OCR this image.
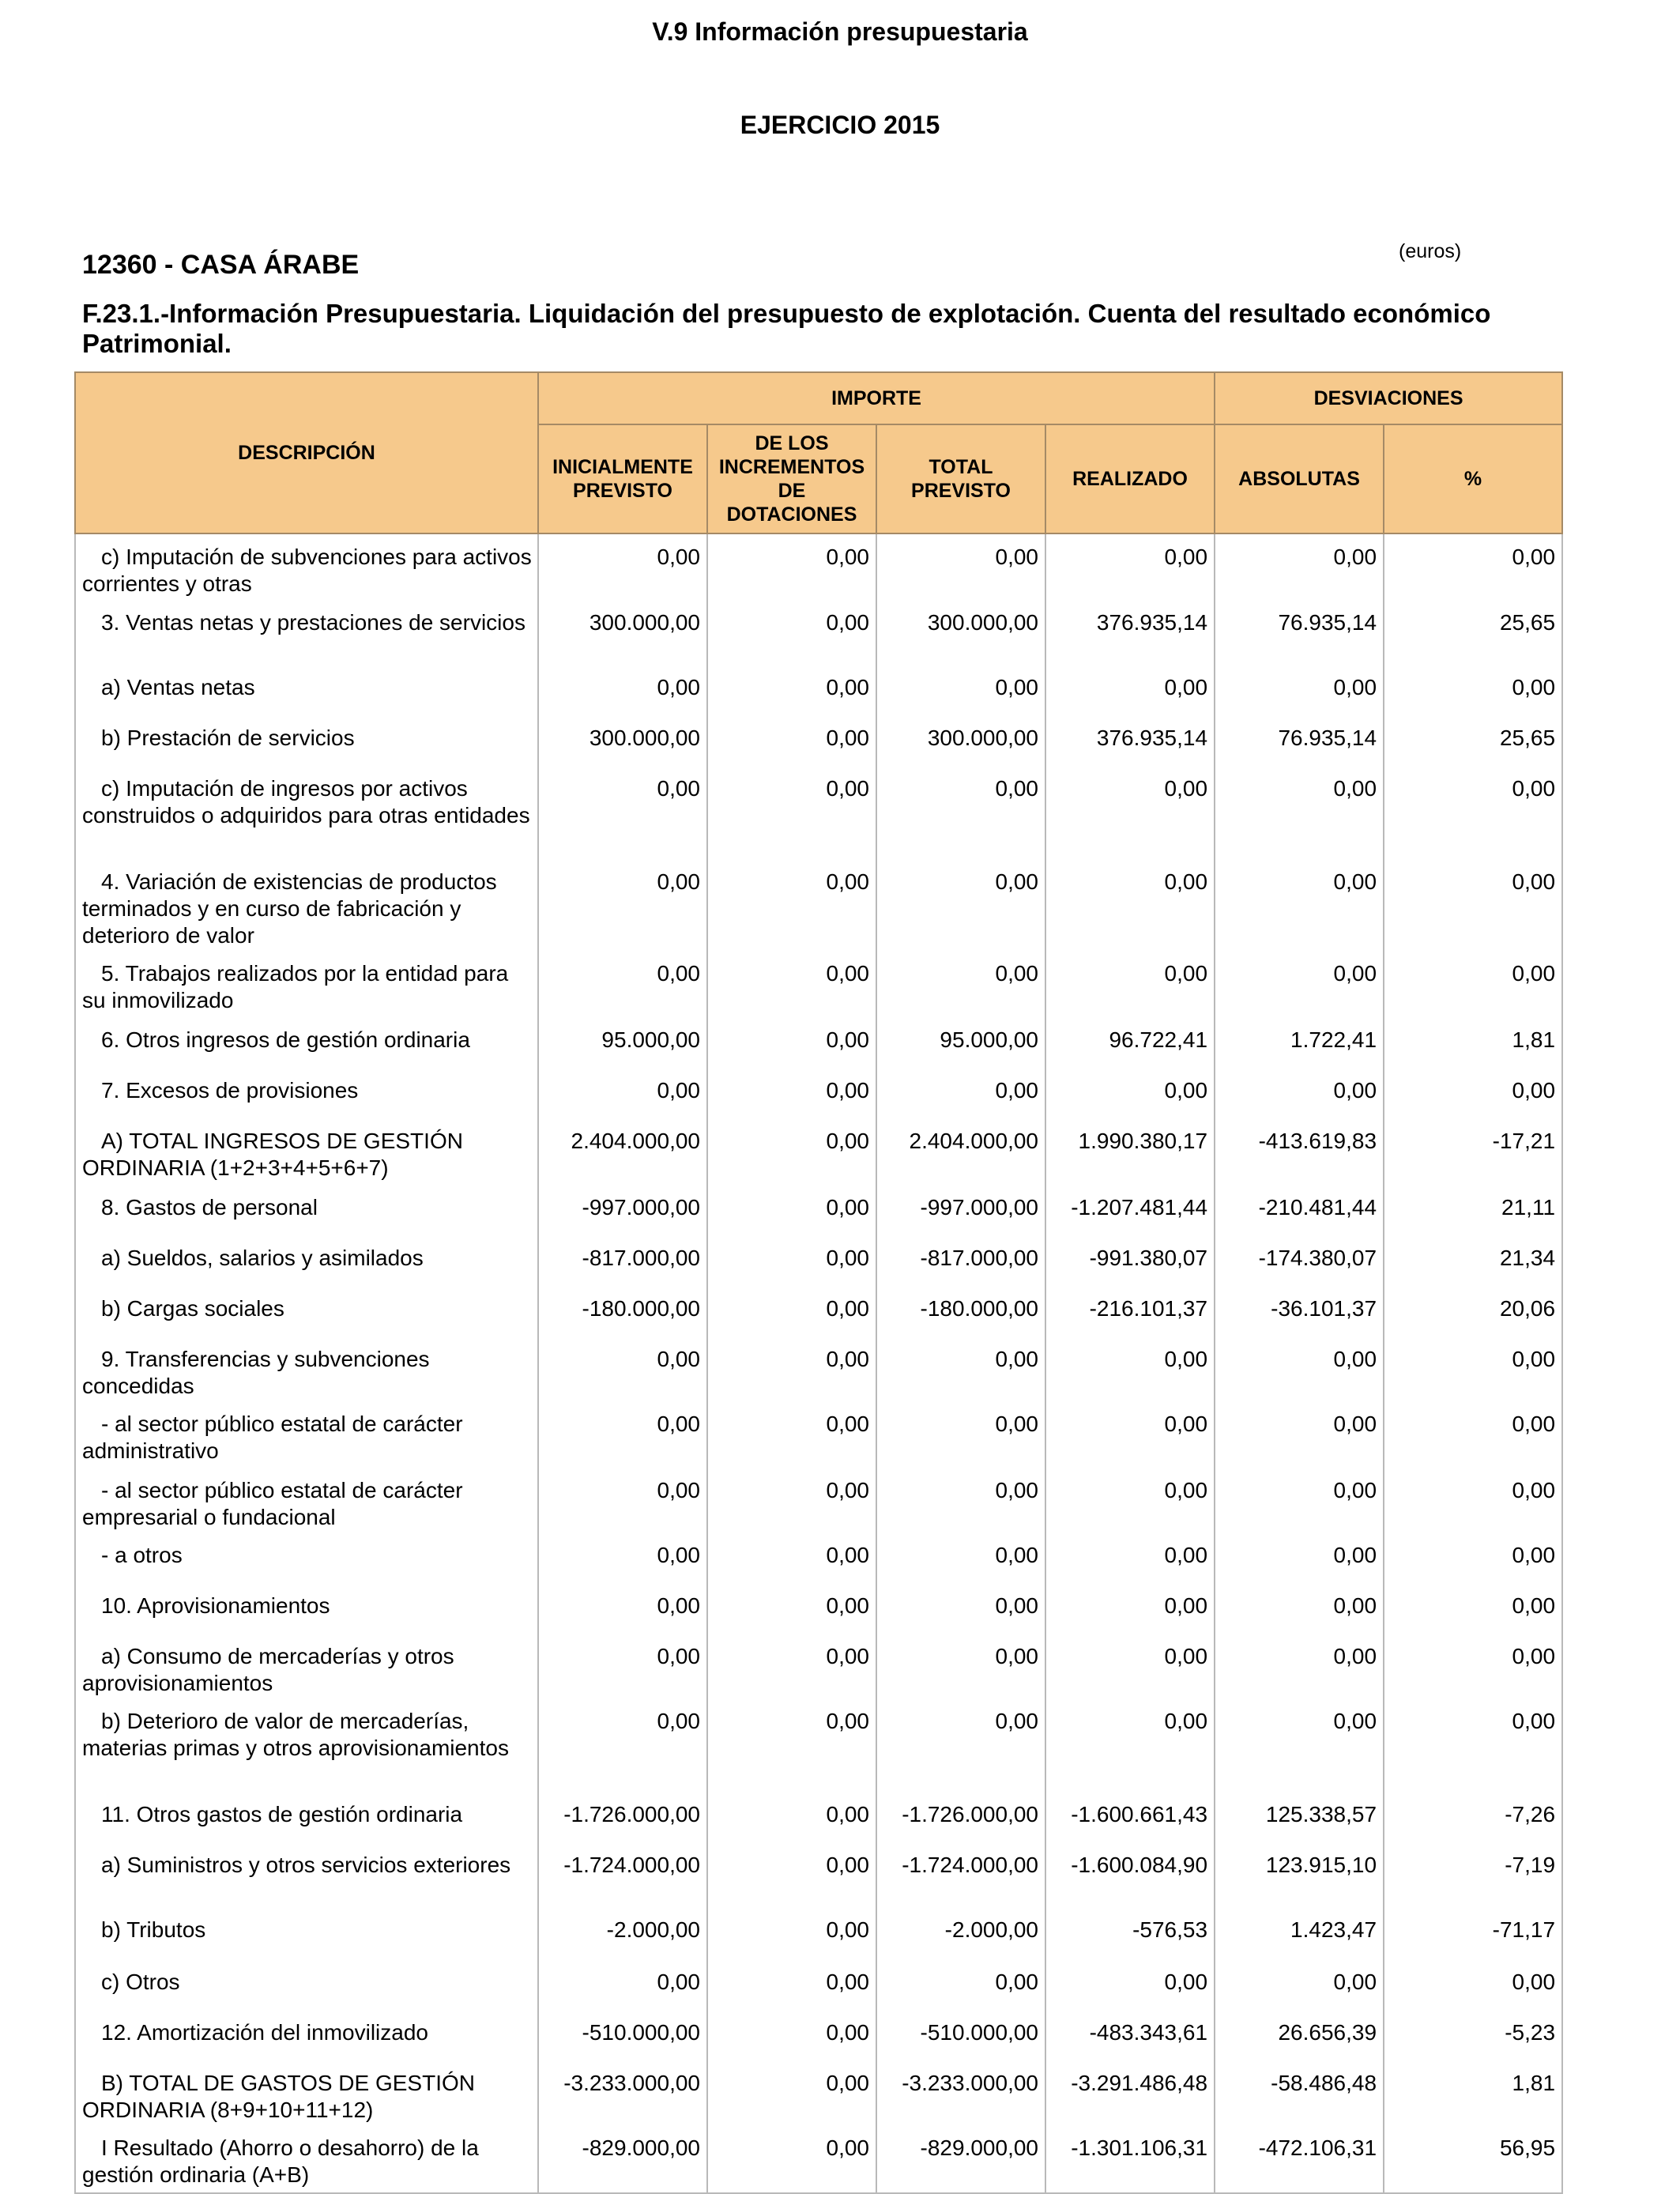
V.9 Información presupuestaria
EJERCICIO 2015
12360 - CASA ÁRABE	(euros)
F.23.1.-Información Presupuestaria. Liquidación del presupuesto de explotación. Cuenta del resultado económico Patrimonial.
DESCRIPCIÓN	IMPORTE				DESVIACIONES	
	INICIALMENTE PREVISTO	DE LOS INCREMENTOS DE DOTACIONES	TOTAL PREVISTO	REALIZADO	ABSOLUTAS	%
c) Imputación de subvenciones para activos corrientes y otras	0,00	0,00	0,00	0,00	0,00	0,00
3. Ventas netas y prestaciones de servicios	300.000,00	0,00	300.000,00	376.935,14	76.935,14	25,65
a) Ventas netas	0,00	0,00	0,00	0,00	0,00	0,00
b) Prestación de servicios	300.000,00	0,00	300.000,00	376.935,14	76.935,14	25,65
c) Imputación de ingresos por activos construidos o adquiridos para otras entidades	0,00	0,00	0,00	0,00	0,00	0,00
4. Variación de existencias de productos terminados y en curso de fabricación y deterioro de valor	0,00	0,00	0,00	0,00	0,00	0,00
5. Trabajos realizados por la entidad para su inmovilizado	0,00	0,00	0,00	0,00	0,00	0,00
6. Otros ingresos de gestión ordinaria	95.000,00	0,00	95.000,00	96.722,41	1.722,41	1,81
7. Excesos de provisiones	0,00	0,00	0,00	0,00	0,00	0,00
A) TOTAL INGRESOS DE GESTIÓN ORDINARIA (1+2+3+4+5+6+7)	2.404.000,00	0,00	2.404.000,00	1.990.380,17	-413.619,83	-17,21
8. Gastos de personal	-997.000,00	0,00	-997.000,00	-1.207.481,44	-210.481,44	21,11
a) Sueldos, salarios y asimilados	-817.000,00	0,00	-817.000,00	-991.380,07	-174.380,07	21,34
b) Cargas sociales	-180.000,00	0,00	-180.000,00	-216.101,37	-36.101,37	20,06
9. Transferencias y subvenciones concedidas	0,00	0,00	0,00	0,00	0,00	0,00
- al sector público estatal de carácter administrativo	0,00	0,00	0,00	0,00	0,00	0,00
- al sector público estatal de carácter empresarial o fundacional	0,00	0,00	0,00	0,00	0,00	0,00
- a otros	0,00	0,00	0,00	0,00	0,00	0,00
10. Aprovisionamientos	0,00	0,00	0,00	0,00	0,00	0,00
a) Consumo de mercaderías y otros aprovisionamientos	0,00	0,00	0,00	0,00	0,00	0,00
b) Deterioro de valor de mercaderías, materias primas y otros aprovisionamientos	0,00	0,00	0,00	0,00	0,00	0,00
11. Otros gastos de gestión ordinaria	-1.726.000,00	0,00	-1.726.000,00	-1.600.661,43	125.338,57	-7,26
a) Suministros y otros servicios exteriores	-1.724.000,00	0,00	-1.724.000,00	-1.600.084,90	123.915,10	-7,19
b) Tributos	-2.000,00	0,00	-2.000,00	-576,53	1.423,47	-71,17
c) Otros	0,00	0,00	0,00	0,00	0,00	0,00
12. Amortización del inmovilizado	-510.000,00	0,00	-510.000,00	-483.343,61	26.656,39	-5,23
B) TOTAL DE GASTOS DE GESTIÓN ORDINARIA (8+9+10+11+12)	-3.233.000,00	0,00	-3.233.000,00	-3.291.486,48	-58.486,48	1,81
I Resultado (Ahorro o desahorro) de la gestión ordinaria (A+B)	-829.000,00	0,00	-829.000,00	-1.301.106,31	-472.106,31	56,95
